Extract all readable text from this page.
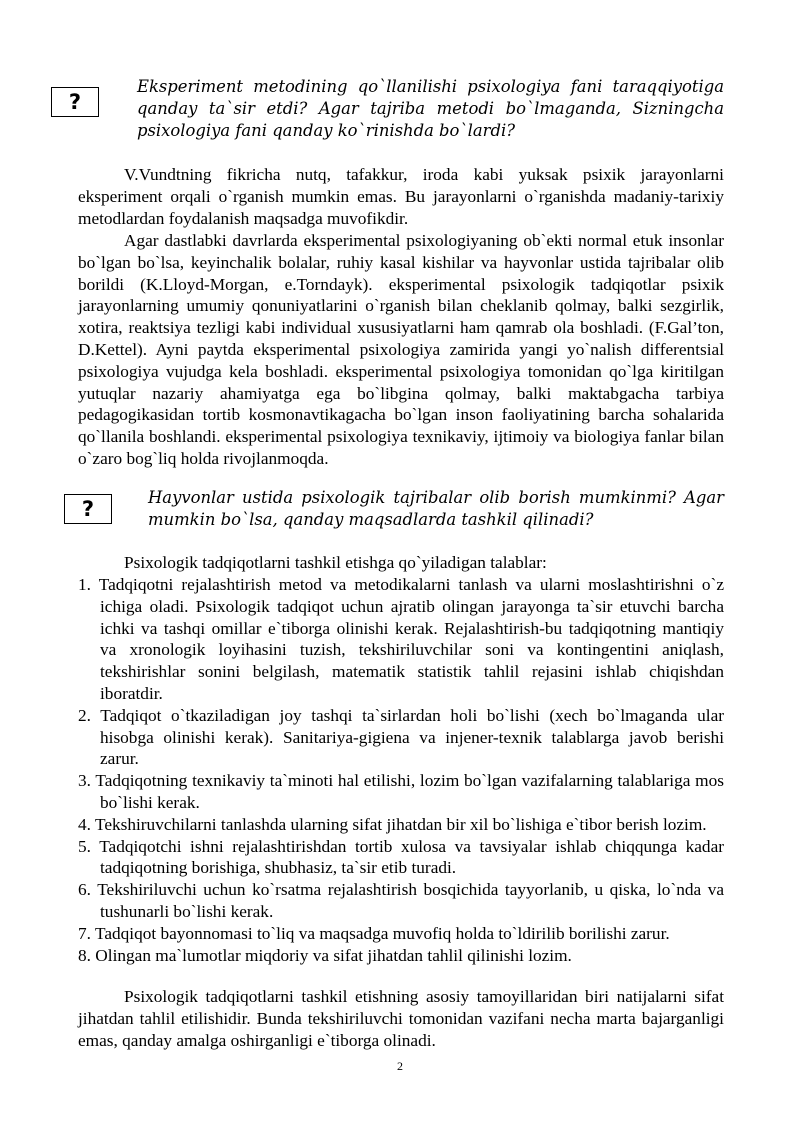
?
Eksperiment metodining qo`llanilishi psixologiya fani taraqqiyotiga qanday ta`sir etdi? Agar tajriba metodi bo`lmaganda, Sizningcha psixologiya fani qanday ko`rinishda bo`lardi?
V.Vundtning fikricha nutq, tafakkur, iroda kabi yuksak psixik jarayonlarni eksperiment orqali o`rganish mumkin emas. Bu jarayonlarni o`rganishda madaniy-tarixiy metodlardan foydalanish maqsadga muvofikdir.
Agar dastlabki davrlarda eksperimental psixologiyaning ob`ekti normal etuk insonlar bo`lgan bo`lsa, keyinchalik bolalar, ruhiy kasal kishilar va hayvonlar ustida tajribalar olib borildi (K.Lloyd-Morgan, e.Torndayk). eksperimental psixologik tadqiqotlar psixik jarayonlarning umumiy qonuniyatlarini o`rganish bilan cheklanib qolmay, balki sezgirlik, xotira, reaktsiya tezligi kabi individual xususiyatlarni ham qamrab ola boshladi. (F.Gal’ton, D.Kettel). Ayni paytda eksperimental psixologiya zamirida yangi yo`nalish differentsial psixologiya vujudga kela boshladi. eksperimental psixologiya tomonidan qo`lga kiritilgan yutuqlar nazariy ahamiyatga ega bo`libgina qolmay, balki maktabgacha tarbiya pedagogikasidan tortib kosmonavtikagacha bo`lgan inson faoliyatining barcha sohalarida qo`llanila boshlandi. eksperimental psixologiya texnikaviy, ijtimoiy va biologiya fanlar bilan o`zaro bog`liq holda rivojlanmoqda.
?	Hayvonlar ustida psixologik tajribalar olib borish mumkinmi? Agar mumkin bo`lsa, qanday maqsadlarda tashkil qilinadi?
Psixologik tadqiqotlarni tashkil etishga qo`yiladigan talablar:
1. Tadqiqotni rejalashtirish metod va metodikalarni tanlash va ularni moslashtirishni o`z ichiga oladi. Psixologik tadqiqot uchun ajratib olingan jarayonga ta`sir etuvchi barcha ichki va tashqi omillar e`tiborga olinishi kerak. Rejalashtirish-bu tadqiqotning mantiqiy va xronologik loyihasini tuzish, tekshiriluvchilar soni va kontingentini aniqlash, tekshirishlar sonini belgilash, matematik statistik tahlil rejasini ishlab chiqishdan iboratdir.
2. Tadqiqot o`tkaziladigan joy tashqi ta`sirlardan holi bo`lishi (xech bo`lmaganda ular hisobga olinishi kerak). Sanitariya-gigiena va injener-texnik talablarga javob berishi zarur.
3. Tadqiqotning texnikaviy ta`minoti hal etilishi, lozim bo`lgan vazifalarning talablariga mos bo`lishi kerak.
4. Tekshiruvchilarni tanlashda ularning sifat jihatdan bir xil bo`lishiga e`tibor berish lozim.
5. Tadqiqotchi ishni rejalashtirishdan tortib xulosa va tavsiyalar ishlab chiqqunga kadar tadqiqotning borishiga, shubhasiz, ta`sir etib turadi.
6. Tekshiriluvchi uchun ko`rsatma rejalashtirish bosqichida tayyorlanib, u qiska, lo`nda va tushunarli bo`lishi kerak.
7. Tadqiqot bayonnomasi to`liq va maqsadga muvofiq holda to`ldirilib borilishi zarur.
8. Olingan ma`lumotlar miqdoriy va sifat jihatdan tahlil qilinishi lozim.
Psixologik tadqiqotlarni tashkil etishning asosiy tamoyillaridan biri natijalarni sifat jihatdan tahlil etilishidir. Bunda tekshiriluvchi tomonidan vazifani necha marta bajarganligi emas, qanday amalga oshirganligi e`tiborga olinadi.
2
